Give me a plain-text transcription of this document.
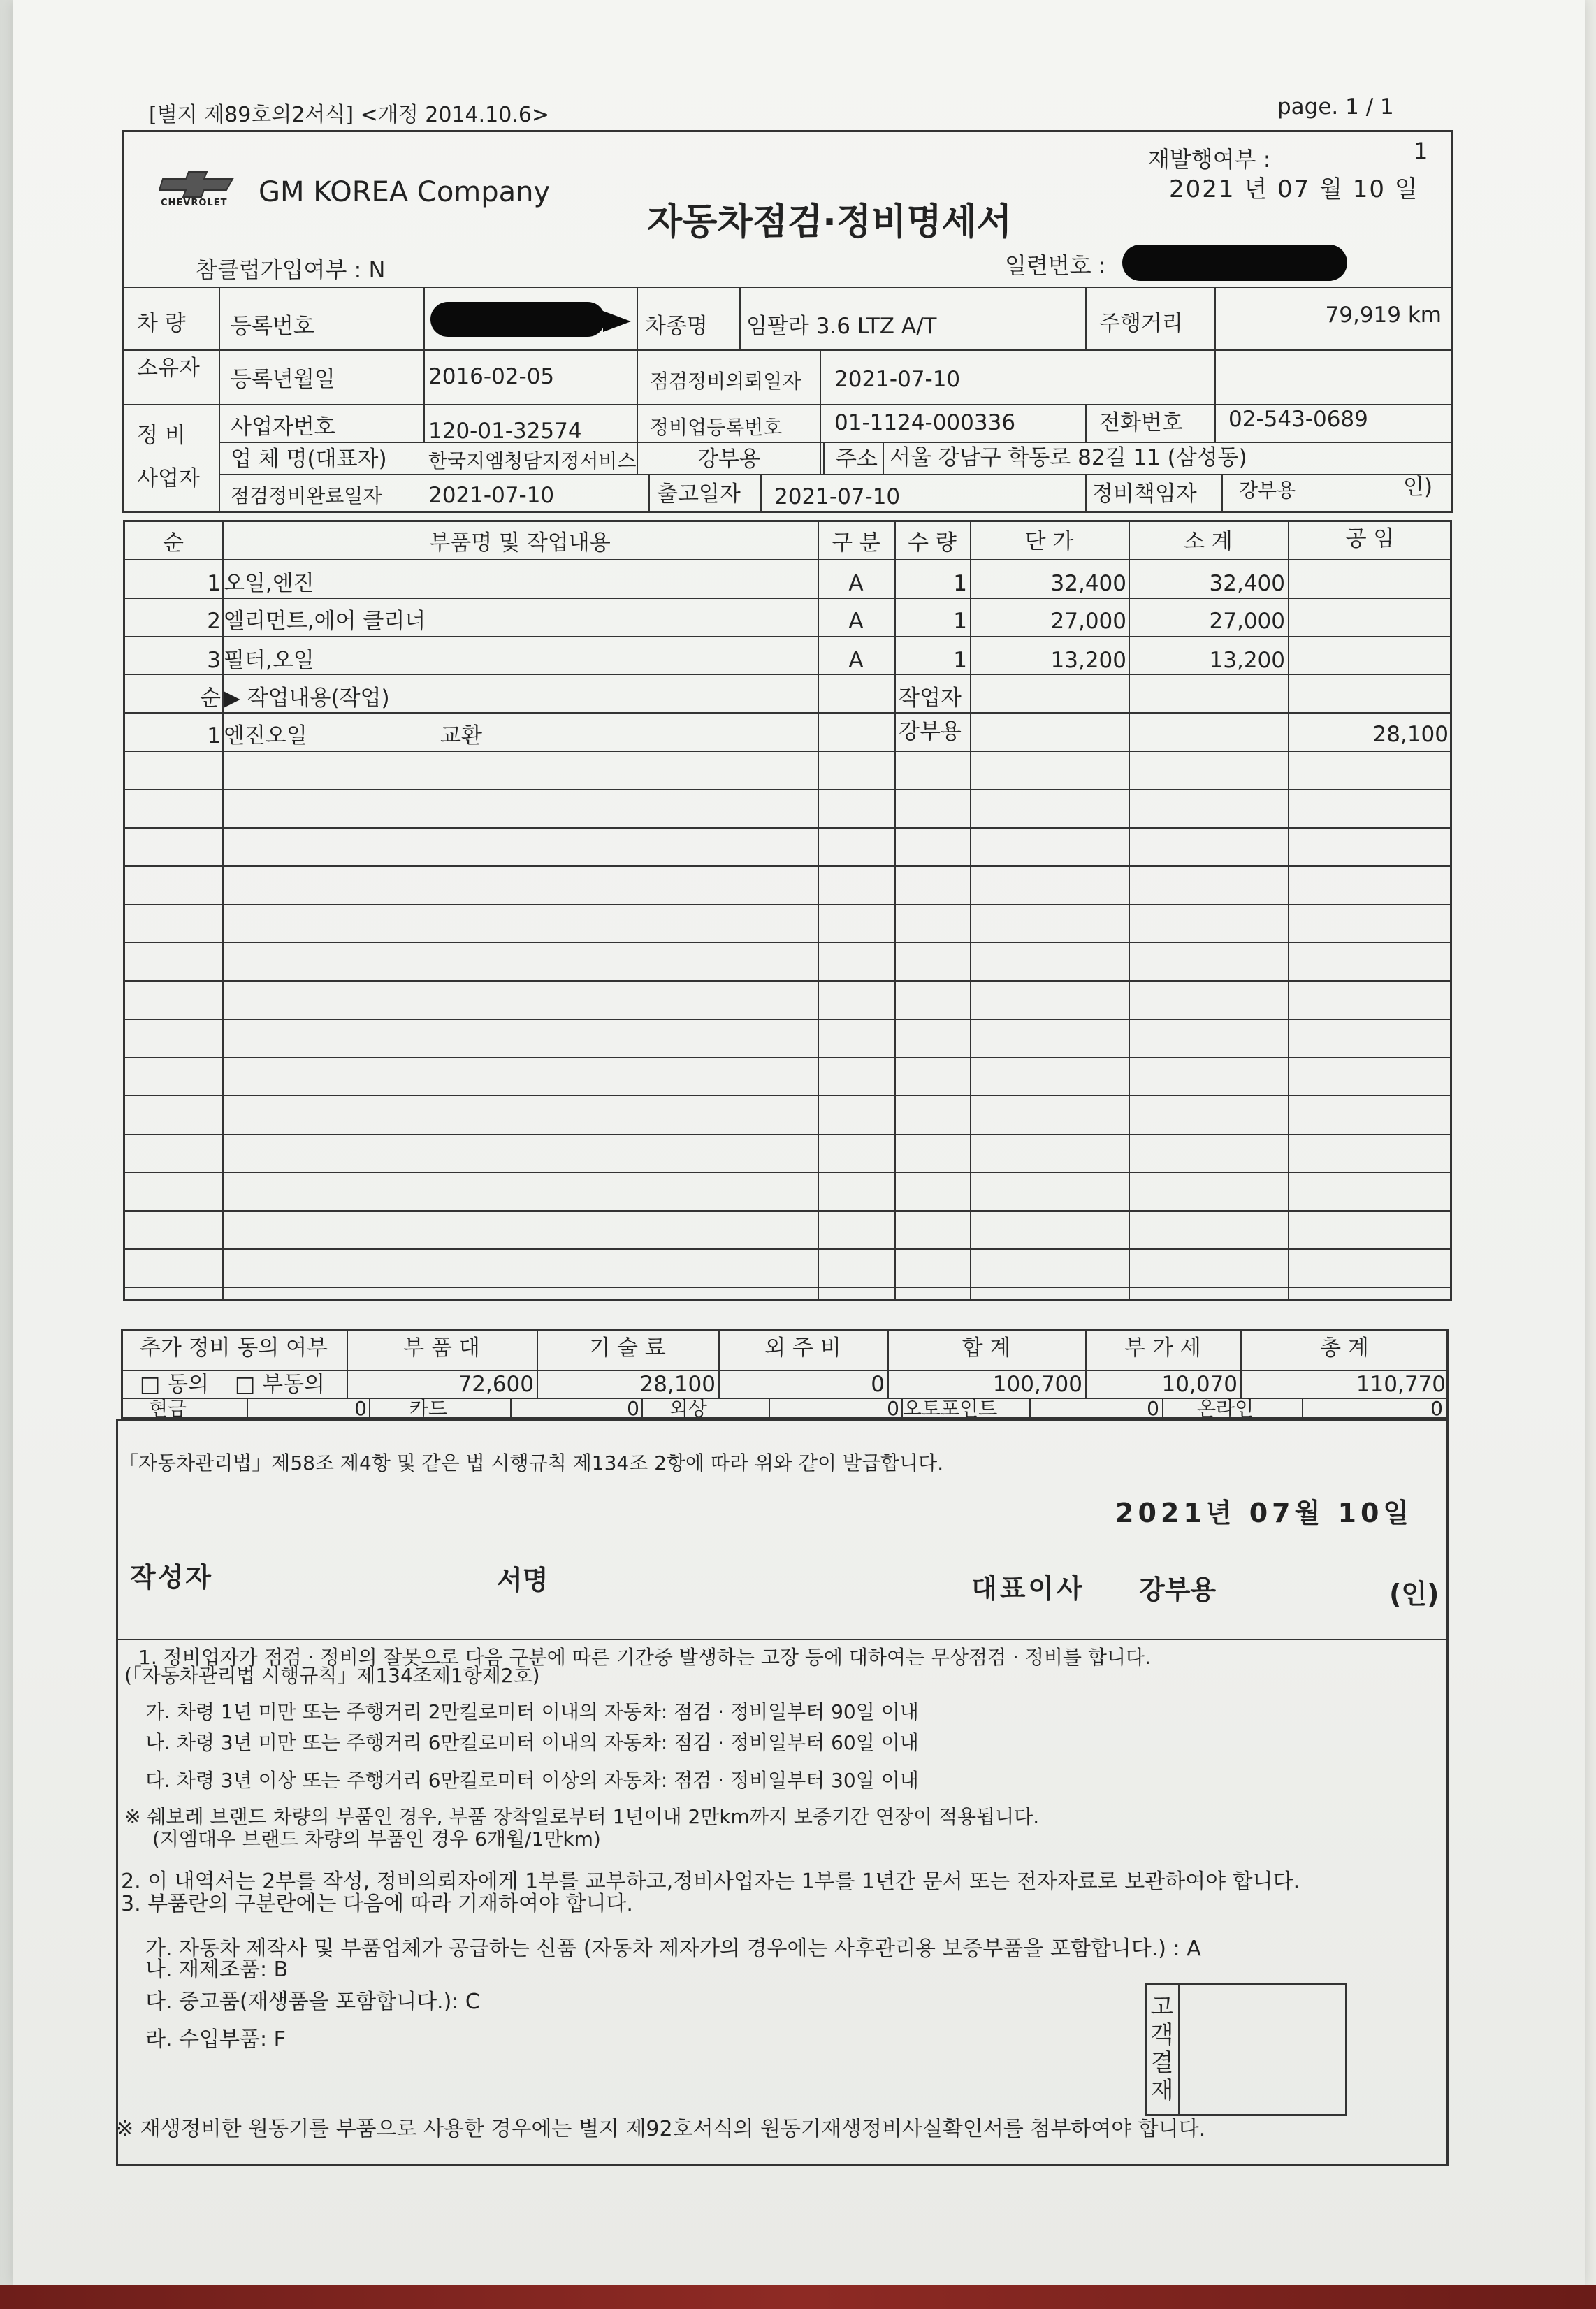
[별지 제89호의2서식] <개정 2014.10.6>	page. 1 / 1
CHEVROLET GM KOREA Company
재발행여부 :	1
2021 년 07 월 10 일
자동차점검·정비명세서
참클럽가입여부 : N	일련번호 :
차 량
소유자
등록번호	차종명 임팔라 3.6 LTZ A/T	주행거리	79,919 km
등록년월일	2016-02-05	점검정비의뢰일자 2021-07-10
정 비
사업자
사업자번호	120-01-32574	정비업등록번호 01-1124-000336	전화번호 02-543-0689
업 체 명(대표자) 한국지엠청담지정서비스	강부용	주소 서울 강남구 학동로 82길 11 (삼성동)
점검정비완료일자 2021-07-10	출고일자 2021-07-10	정비책임자 강부용	인)
순	부품명 및 작업내용	구 분	수 량	단 가	소 계	공 임
1 오일,엔진	A	1	32,400	32,400
2 엘리먼트,에어 클리너	A	1	27,000	27,000
3 필터,오일	A	1	13,200	13,200
순 ▶ 작업내용(작업)	작업자
1 엔진오일	교환	강부용	28,100
추가 정비 동의 여부	부 품 대	기 술 료	외 주 비	합 계	부 가 세	총 계
□ 동의 □ 부동의	72,600	28,100	0	100,700	10,070	110,770
현금	0 카드	0 외상	0 오토포인트	0 온라인	0
「자동차관리법」제58조 제4항 및 같은 법 시행규칙 제134조 2항에 따라 위와 같이 발급합니다.
2021년 07월 10일
작성자	서명	대표이사 강부용	(인)
1. 정비업자가 점검 · 정비의 잘못으로 다음 구분에 따른 기간중 발생하는 고장 등에 대하여는 무상점검 · 정비를 합니다.
(「자동차관리법 시행규칙」제134조제1항제2호)
가. 차령 1년 미만 또는 주행거리 2만킬로미터 이내의 자동차: 점검 · 정비일부터 90일 이내
나. 차령 3년 미만 또는 주행거리 6만킬로미터 이내의 자동차: 점검 · 정비일부터 60일 이내
다. 차령 3년 이상 또는 주행거리 6만킬로미터 이상의 자동차: 점검 · 정비일부터 30일 이내
※ 쉐보레 브랜드 차량의 부품인 경우, 부품 장착일로부터 1년이내 2만km까지 보증기간 연장이 적용됩니다.
(지엠대우 브랜드 차량의 부품인 경우 6개월/1만km)
2. 이 내역서는 2부를 작성, 정비의뢰자에게 1부를 교부하고,정비사업자는 1부를 1년간 문서 또는 전자자료로 보관하여야 합니다.
3. 부품란의 구분란에는 다음에 따라 기재하여야 합니다.
가. 자동차 제작사 및 부품업체가 공급하는 신품 (자동차 제자가의 경우에는 사후관리용 보증부품을 포함합니다.) : A
나. 재제조품: B
다. 중고품(재생품을 포함합니다.): C
라. 수입부품: F
※ 재생정비한 원동기를 부품으로 사용한 경우에는 별지 제92호서식의 원동기재생정비사실확인서를 첨부하여야 합니다.
고객결재
